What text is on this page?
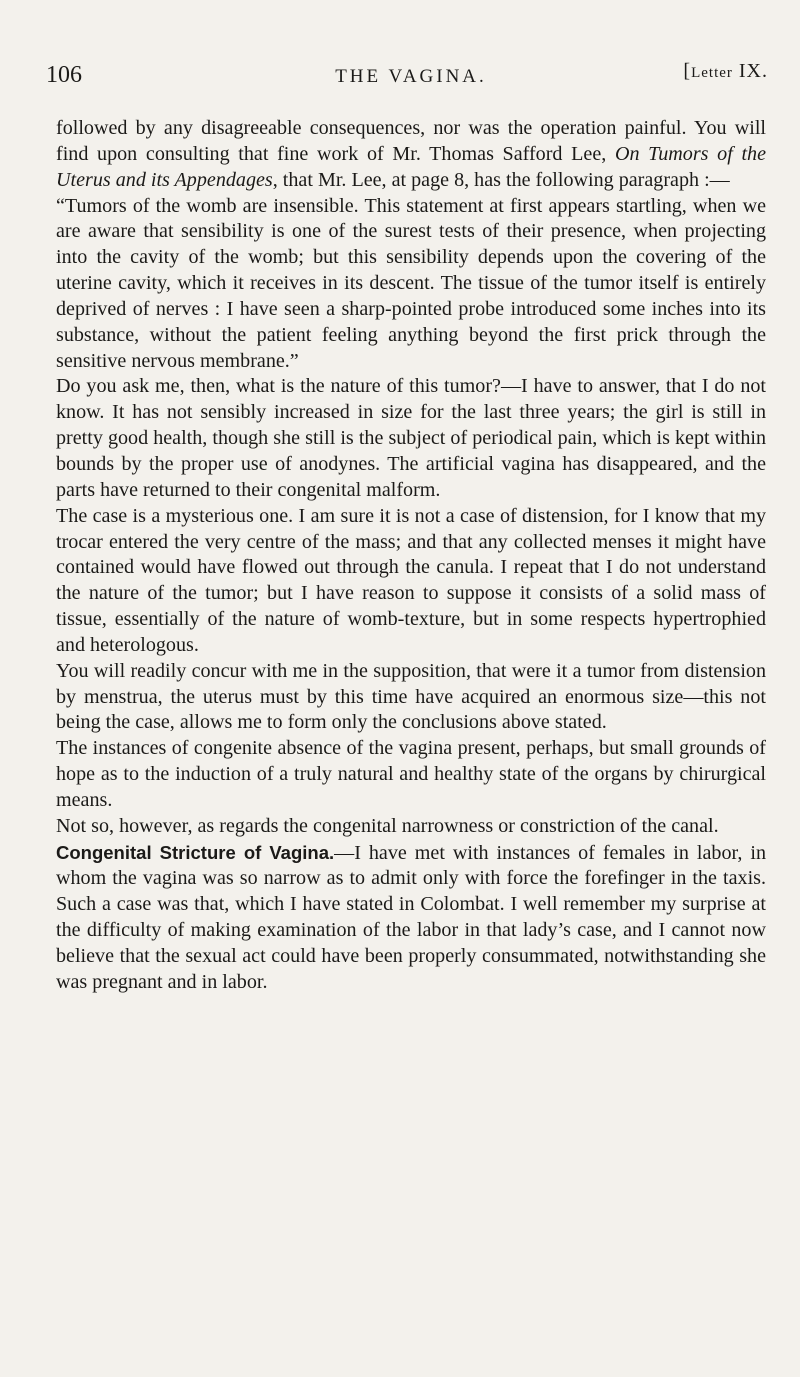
106	THE VAGINA.	[Letter IX.

followed by any disagreeable consequences, nor was the operation painful. You will find upon consulting that fine work of Mr. Thomas Safford Lee, On Tumors of the Uterus and its Appendages, that Mr. Lee, at page 8, has the following paragraph :—

“Tumors of the womb are insensible. This statement at first appears startling, when we are aware that sensibility is one of the surest tests of their presence, when projecting into the cavity of the womb; but this sensibility depends upon the covering of the uterine cavity, which it receives in its descent. The tissue of the tumor itself is entirely deprived of nerves : I have seen a sharp-pointed probe introduced some inches into its substance, without the patient feeling anything beyond the first prick through the sensitive nervous membrane.”

Do you ask me, then, what is the nature of this tumor?—I have to answer, that I do not know. It has not sensibly increased in size for the last three years; the girl is still in pretty good health, though she still is the subject of periodical pain, which is kept within bounds by the proper use of anodynes. The artificial vagina has disappeared, and the parts have returned to their congenital malform.

The case is a mysterious one. I am sure it is not a case of distension, for I know that my trocar entered the very centre of the mass; and that any collected menses it might have contained would have flowed out through the canula. I repeat that I do not understand the nature of the tumor; but I have reason to suppose it consists of a solid mass of tissue, essentially of the nature of womb-texture, but in some respects hypertrophied and heterologous.

You will readily concur with me in the supposition, that were it a tumor from distension by menstrua, the uterus must by this time have acquired an enormous size—this not being the case, allows me to form only the conclusions above stated.

The instances of congenite absence of the vagina present, perhaps, but small grounds of hope as to the induction of a truly natural and healthy state of the organs by chirurgical means.

Not so, however, as regards the congenital narrowness or constriction of the canal.

Congenital Stricture of Vagina.—I have met with instances of females in labor, in whom the vagina was so narrow as to admit only with force the forefinger in the taxis. Such a case was that, which I have stated in Colombat. I well remember my surprise at the difficulty of making examination of the labor in that lady’s case, and I cannot now believe that the sexual act could have been properly consummated, notwithstanding she was pregnant and in labor.
